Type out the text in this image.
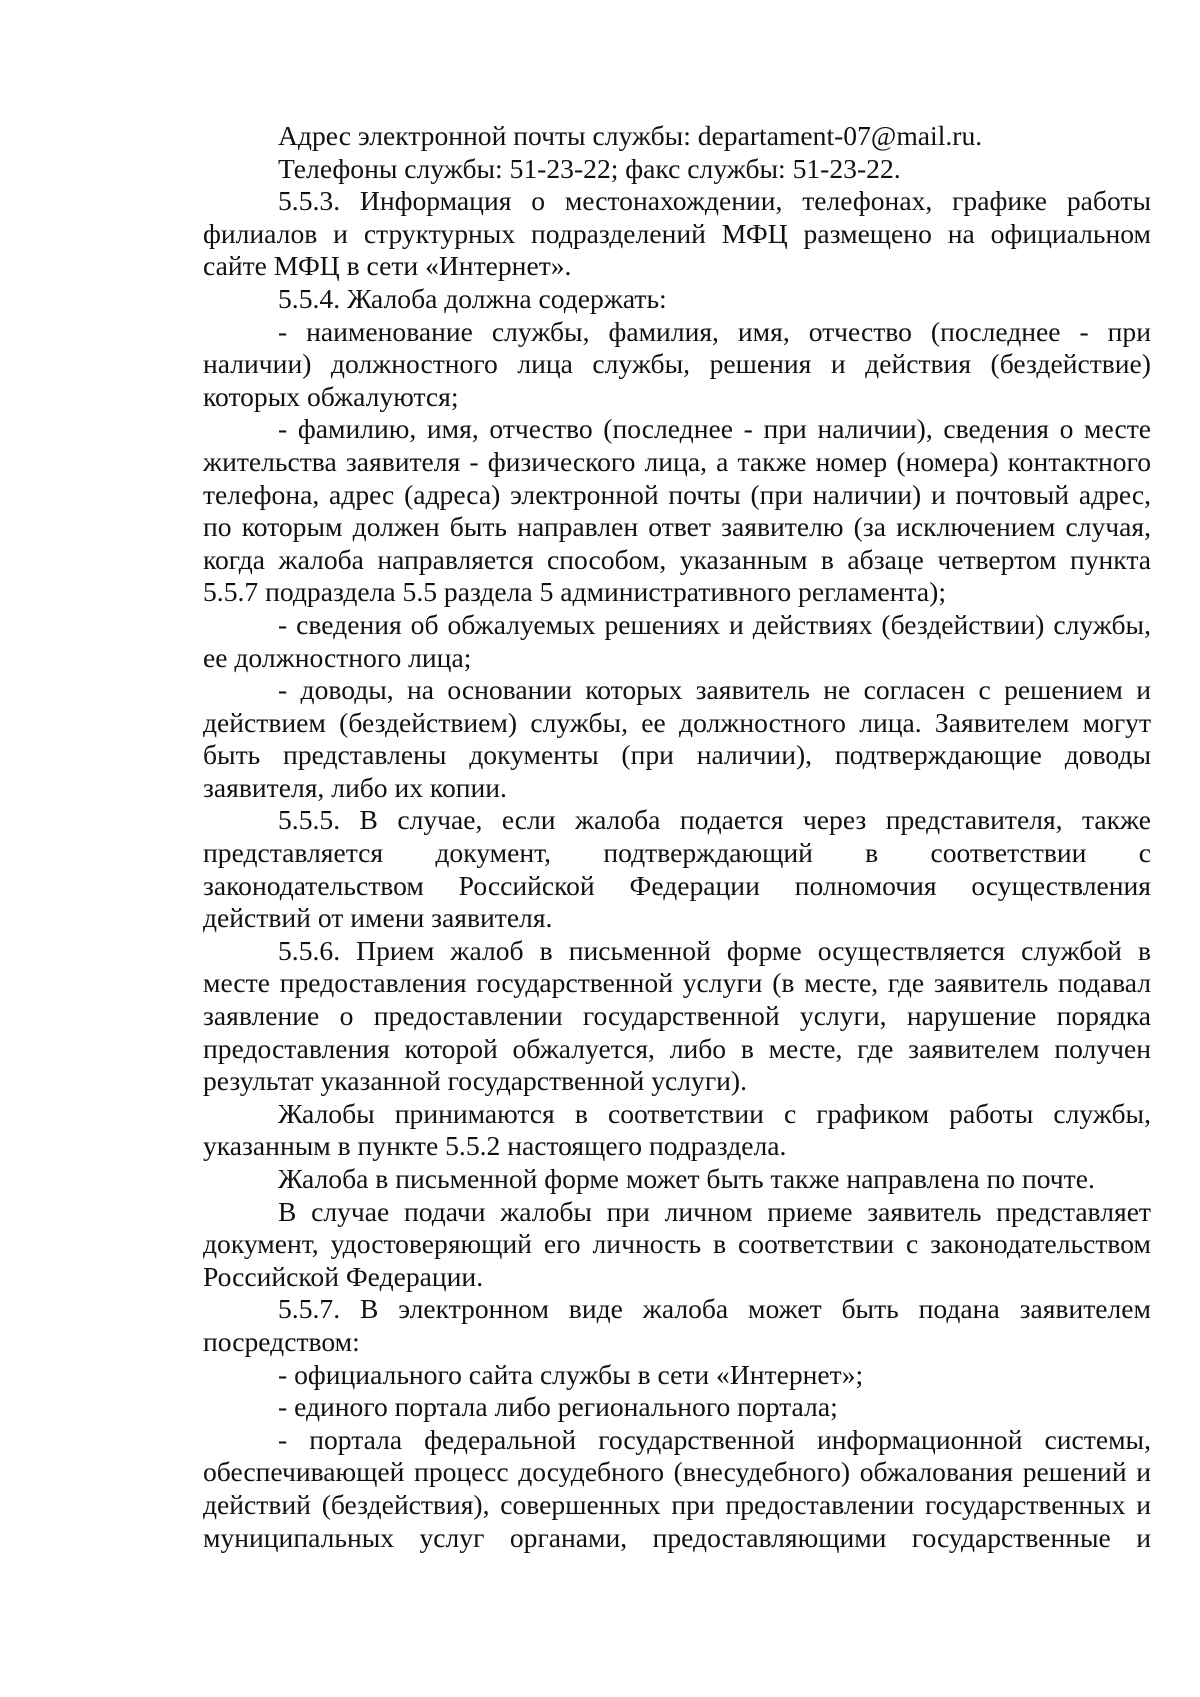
Адрес электронной почты службы: departament-07@mail.ru.

Телефоны службы: 51-23-22; факс службы: 51-23-22.

5.5.3. Информация о местонахождении, телефонах, графике работы филиалов и структурных подразделений МФЦ размещено на официальном сайте МФЦ в сети «Интернет».

5.5.4. Жалоба должна содержать:

- наименование службы, фамилия, имя, отчество (последнее - при наличии) должностного лица службы, решения и действия (бездействие) которых обжалуются;

- фамилию, имя, отчество (последнее - при наличии), сведения о месте жительства заявителя - физического лица, а также номер (номера) контактного телефона, адрес (адреса) электронной почты (при наличии) и почтовый адрес, по которым должен быть направлен ответ заявителю (за исключением случая, когда жалоба направляется способом, указанным в абзаце четвертом пункта 5.5.7 подраздела 5.5 раздела 5 административного регламента);

- сведения об обжалуемых решениях и действиях (бездействии) службы, ее должностного лица;

- доводы, на основании которых заявитель не согласен с решением и действием (бездействием) службы, ее должностного лица. Заявителем могут быть представлены документы (при наличии), подтверждающие доводы заявителя, либо их копии.

5.5.5. В случае, если жалоба подается через представителя, также представляется документ, подтверждающий в соответствии с законодательством Российской Федерации полномочия осуществления действий от имени заявителя.

5.5.6. Прием жалоб в письменной форме осуществляется службой в месте предоставления государственной услуги (в месте, где заявитель подавал заявление о предоставлении государственной услуги, нарушение порядка предоставления которой обжалуется, либо в месте, где заявителем получен результат указанной государственной услуги).

Жалобы принимаются в соответствии с графиком работы службы, указанным в пункте 5.5.2 настоящего подраздела.

Жалоба в письменной форме может быть также направлена по почте.

В случае подачи жалобы при личном приеме заявитель представляет документ, удостоверяющий его личность в соответствии с законодательством Российской Федерации.

5.5.7. В электронном виде жалоба может быть подана заявителем посредством:

- официального сайта службы в сети «Интернет»;

- единого портала либо регионального портала;

- портала федеральной государственной информационной системы, обеспечивающей процесс досудебного (внесудебного) обжалования решений и действий (бездействия), совершенных при предоставлении государственных и муниципальных услуг органами, предоставляющими государственные и
